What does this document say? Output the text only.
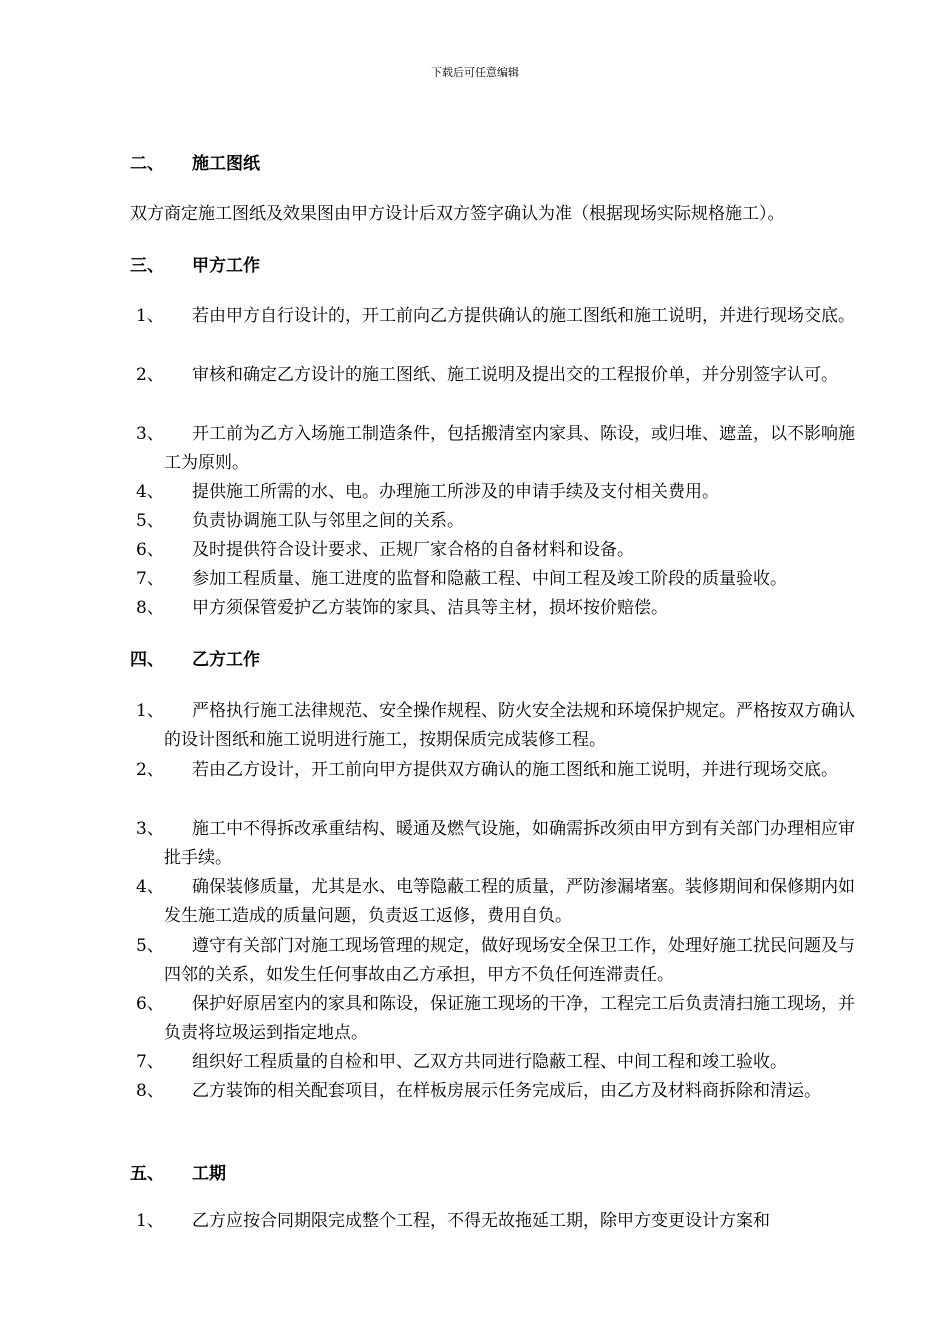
下载后可任意编辑
二、 施工图纸
双方商定施工图纸及效果图由甲方设计后双方签字确认为准（根据现场实际规格施工）。
三、 甲方工作
1、	若由甲方自行设计的，开工前向乙方提供确认的施工图纸和施工说明，并进行现场交底。
2、	审核和确定乙方设计的施工图纸、施工说明及提出交的工程报价单，并分别签字认可。
3、	开工前为乙方入场施工制造条件，包括搬清室内家具、陈设，或归堆、遮盖，以不影响施工为原则。
4、	提供施工所需的水、电。办理施工所涉及的申请手续及支付相关费用。
5、	负责协调施工队与邻里之间的关系。
6、	及时提供符合设计要求、正规厂家合格的自备材料和设备。
7、	参加工程质量、施工进度的监督和隐蔽工程、中间工程及竣工阶段的质量验收。
8、	甲方须保管爱护乙方装饰的家具、洁具等主材，损坏按价赔偿。
四、 乙方工作
1、	严格执行施工法律规范、安全操作规程、防火安全法规和环境保护规定。严格按双方确认的设计图纸和施工说明进行施工，按期保质完成装修工程。
2、	若由乙方设计，开工前向甲方提供双方确认的施工图纸和施工说明，并进行现场交底。
3、	施工中不得拆改承重结构、暖通及燃气设施，如确需拆改须由甲方到有关部门办理相应审批手续。
4、	确保装修质量，尤其是水、电等隐蔽工程的质量，严防渗漏堵塞。装修期间和保修期内如发生施工造成的质量问题，负责返工返修，费用自负。
5、	遵守有关部门对施工现场管理的规定，做好现场安全保卫工作，处理好施工扰民问题及与四邻的关系，如发生任何事故由乙方承担，甲方不负任何连滞责任。
6、	保护好原居室内的家具和陈设，保证施工现场的干净，工程完工后负责清扫施工现场，并负责将垃圾运到指定地点。
7、	组织好工程质量的自检和甲、乙双方共同进行隐蔽工程、中间工程和竣工验收。
8、	乙方装饰的相关配套项目，在样板房展示任务完成后，由乙方及材料商拆除和清运。
五、 工期
1、	乙方应按合同期限完成整个工程，不得无故拖延工期，除甲方变更设计方案和
